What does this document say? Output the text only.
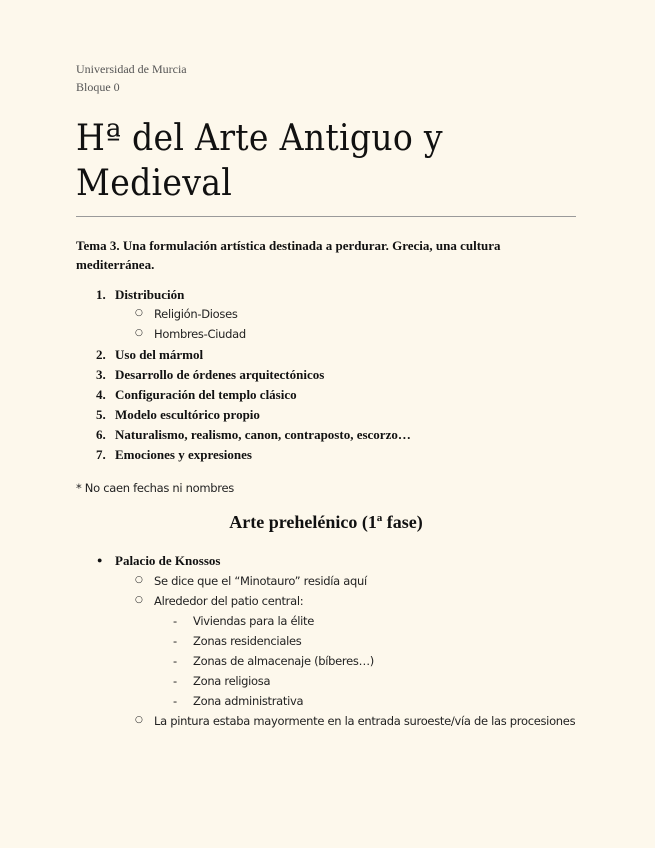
Universidad de Murcia
Bloque 0
Hª del Arte Antiguo y Medieval
Tema 3. Una formulación artística destinada a perdurar. Grecia, una cultura mediterránea.
1. Distribución
○ Religión-Dioses
○ Hombres-Ciudad
2. Uso del mármol
3. Desarrollo de órdenes arquitectónicos
4. Configuración del templo clásico
5. Modelo escultórico propio
6. Naturalismo, realismo, canon, contraposto, escorzo…
7. Emociones y expresiones
* No caen fechas ni nombres
Arte prehelénico (1ª fase)
● Palacio de Knossos
○ Se dice que el “Minotauro” residía aquí
○ Alrededor del patio central:
- Viviendas para la élite
- Zonas residenciales
- Zonas de almacenaje (bíberes…)
- Zona religiosa
- Zona administrativa
○ La pintura estaba mayormente en la entrada suroeste/vía de las procesiones
